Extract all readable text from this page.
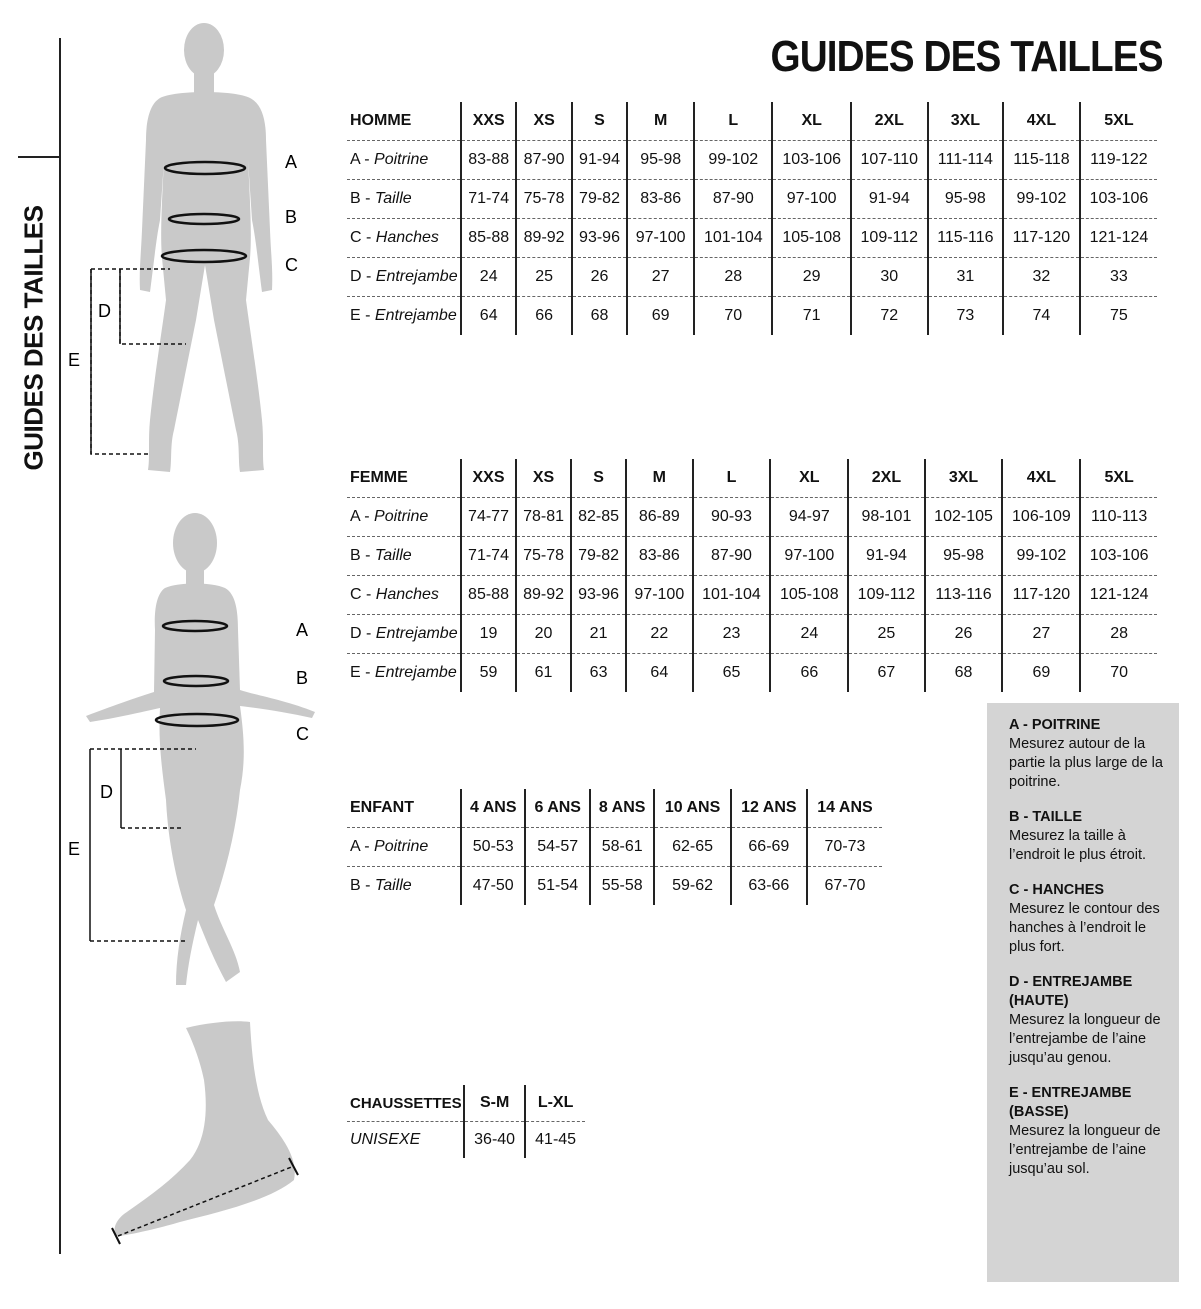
GUIDES DES TAILLES
GUIDES DES TAILLES
A
B
C
D
E
A
B
C
D
E
HOMME	XXS	XS	S	M	L	XL	2XL	3XL	4XL	5XL
A - Poitrine	83-88	87-90	91-94	95-98	99-102	103-106	107-110	111-114	115-118	119-122
B - Taille	71-74	75-78	79-82	83-86	87-90	97-100	91-94	95-98	99-102	103-106
C - Hanches	85-88	89-92	93-96	97-100	101-104	105-108	109-112	115-116	117-120	121-124
D - Entrejambe	24	25	26	27	28	29	30	31	32	33
E - Entrejambe	64	66	68	69	70	71	72	73	74	75
FEMME	XXS	XS	S	M	L	XL	2XL	3XL	4XL	5XL
A - Poitrine	74-77	78-81	82-85	86-89	90-93	94-97	98-101	102-105	106-109	110-113
B - Taille	71-74	75-78	79-82	83-86	87-90	97-100	91-94	95-98	99-102	103-106
C - Hanches	85-88	89-92	93-96	97-100	101-104	105-108	109-112	113-116	117-120	121-124
D - Entrejambe	19	20	21	22	23	24	25	26	27	28
E - Entrejambe	59	61	63	64	65	66	67	68	69	70
ENFANT	4 ANS	6 ANS	8 ANS	10 ANS	12 ANS	14 ANS
A - Poitrine	50-53	54-57	58-61	62-65	66-69	70-73
B - Taille	47-50	51-54	55-58	59-62	63-66	67-70
CHAUSSETTES	S-M	L-XL
UNISEXE	36-40	41-45
A - POITRINE
Mesurez autour de la partie la plus large de la poitrine.
B - TAILLE
Mesurez la taille à l’endroit le plus étroit.
C - HANCHES
Mesurez le contour des hanches à l’endroit le plus fort.
D - ENTREJAMBE (HAUTE)
Mesurez la longueur de l’entrejambe de l’aine jusqu’au genou.
E - ENTREJAMBE (BASSE)
Mesurez la longueur de l’entrejambe de l’aine jusqu’au sol.
